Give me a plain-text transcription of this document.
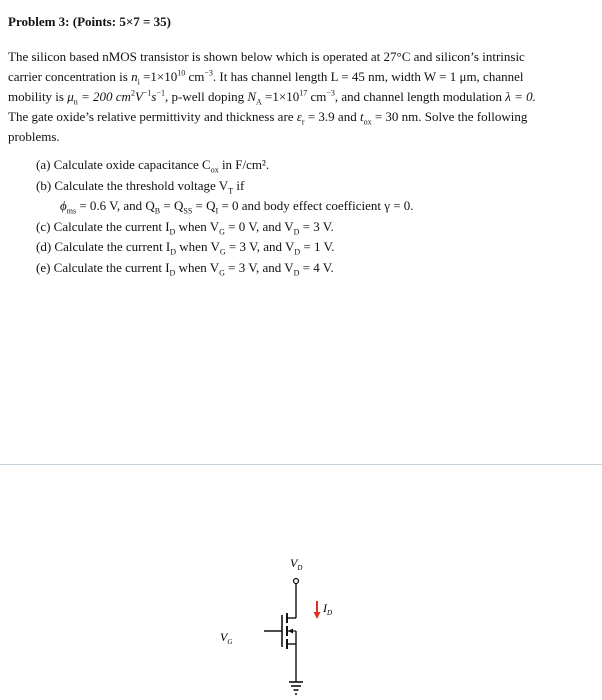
Problem 3: (Points: 5×7 = 35)
The silicon based nMOS transistor is shown below which is operated at 27°C and silicon’s intrinsic
carrier concentration is $n_i =1\times 10^{10}$ $cm^{-3}$. It has channel length L = 45 nm, width W = 1 μm, channel
mobility is $\mu_n = 200$ $cm^2V^{-1}s^{-1}$, p-well doping $N_A =1\times 10^{17}$ $cm^{-3}$, and channel length modulation λ = 0.
The gate oxide’s relative permittivity and thickness are $\varepsilon_r = 3.9$ and $t_{ox} = 30$ nm. Solve the following
problems.
(a) Calculate oxide capacitance $C_{ox}$ in F/cm².
(b) Calculate the threshold voltage $V_T$ if
$\phi_{ms} = 0.6$ V, and $Q_B = Q_{SS} = Q_I = 0$ and body effect coefficient γ = 0.
(c) Calculate the current $I_D$ when $V_G = 0$ V, and $V_D = 3$ V.
(d) Calculate the current $I_D$ when $V_G = 3$ V, and $V_D = 1$ V.
(e) Calculate the current $I_D$ when $V_G = 3$ V, and $V_D = 4$ V.
$V_D$
$I_D$
$V_G$
